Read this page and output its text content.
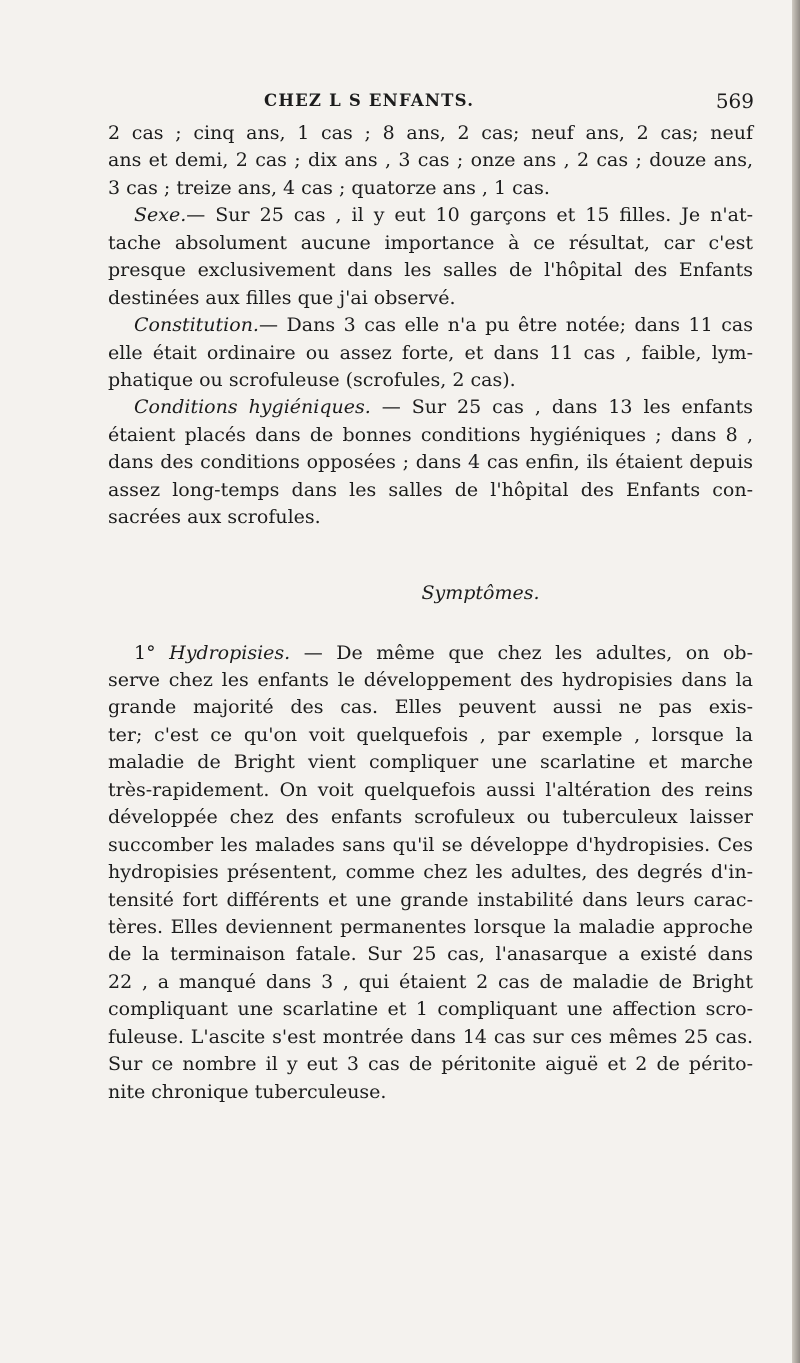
CHEZ L S ENFANTS.	569
2 cas ; cinq ans, 1 cas ; 8 ans, 2 cas; neuf ans, 2 cas; neuf
ans et demi, 2 cas ; dix ans , 3 cas ; onze ans , 2 cas ; douze ans,
3 cas ; treize ans, 4 cas ; quatorze ans , 1 cas.
Sexe.— Sur 25 cas , il y eut 10 garçons et 15 filles. Je n'at-
tache absolument aucune importance à ce résultat, car c'est
presque exclusivement dans les salles de l'hôpital des Enfants
destinées aux filles que j'ai observé.
Constitution.— Dans 3 cas elle n'a pu être notée; dans 11 cas
elle était ordinaire ou assez forte, et dans 11 cas , faible, lym-
phatique ou scrofuleuse (scrofules, 2 cas).
Conditions hygiéniques. — Sur 25 cas , dans 13 les enfants
étaient placés dans de bonnes conditions hygiéniques ; dans 8 ,
dans des conditions opposées ; dans 4 cas enfin, ils étaient depuis
assez long-temps dans les salles de l'hôpital des Enfants con-
sacrées aux scrofules.
Symptômes.
1° Hydropisies. — De même que chez les adultes, on ob-
serve chez les enfants le développement des hydropisies dans la
grande majorité des cas. Elles peuvent aussi ne pas exis-
ter; c'est ce qu'on voit quelquefois , par exemple , lorsque la
maladie de Bright vient compliquer une scarlatine et marche
très-rapidement. On voit quelquefois aussi l'altération des reins
développée chez des enfants scrofuleux ou tuberculeux laisser
succomber les malades sans qu'il se développe d'hydropisies. Ces
hydropisies présentent, comme chez les adultes, des degrés d'in-
tensité fort différents et une grande instabilité dans leurs carac-
tères. Elles deviennent permanentes lorsque la maladie approche
de la terminaison fatale. Sur 25 cas, l'anasarque a existé dans
22 , a manqué dans 3 , qui étaient 2 cas de maladie de Bright
compliquant une scarlatine et 1 compliquant une affection scro-
fuleuse. L'ascite s'est montrée dans 14 cas sur ces mêmes 25 cas.
Sur ce nombre il y eut 3 cas de péritonite aiguë et 2 de périto-
nite chronique tuberculeuse.
